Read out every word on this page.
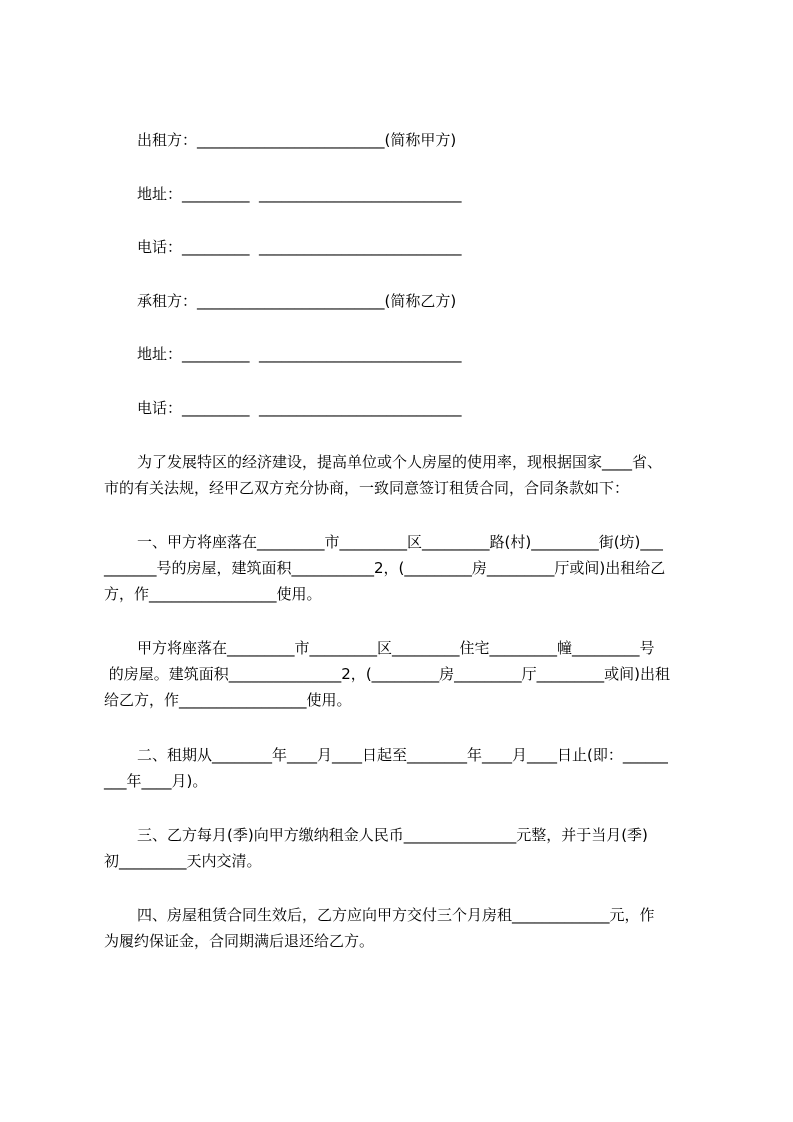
出租方：_________________________(简称甲方)
地址：_________  ___________________________
电话：_________  ___________________________
承租方：_________________________(简称乙方)
地址：_________  ___________________________
电话：_________  ___________________________
为了发展特区的经济建设，提高单位或个人房屋的使用率，现根据国家____省、
市的有关法规，经甲乙双方充分协商，一致同意签订租赁合同，合同条款如下：
一、甲方将座落在_________市_________区_________路(村)_________街(坊)___
_______号的房屋，建筑面积___________2，(_________房_________厅或间)出租给乙
方，作_________________使用。
甲方将座落在_________市_________区_________住宅_________幢_________号
的房屋。建筑面积_______________2，(_________房_________厅_________或间)出租
给乙方，作_________________使用。
二、租期从________年____月____日起至________年____月____日止(即：______
___年____月)。
三、乙方每月(季)向甲方缴纳租金人民币_______________元整，并于当月(季)
初_________天内交清。
四、房屋租赁合同生效后，乙方应向甲方交付三个月房租_____________元，作
为履约保证金，合同期满后退还给乙方。
